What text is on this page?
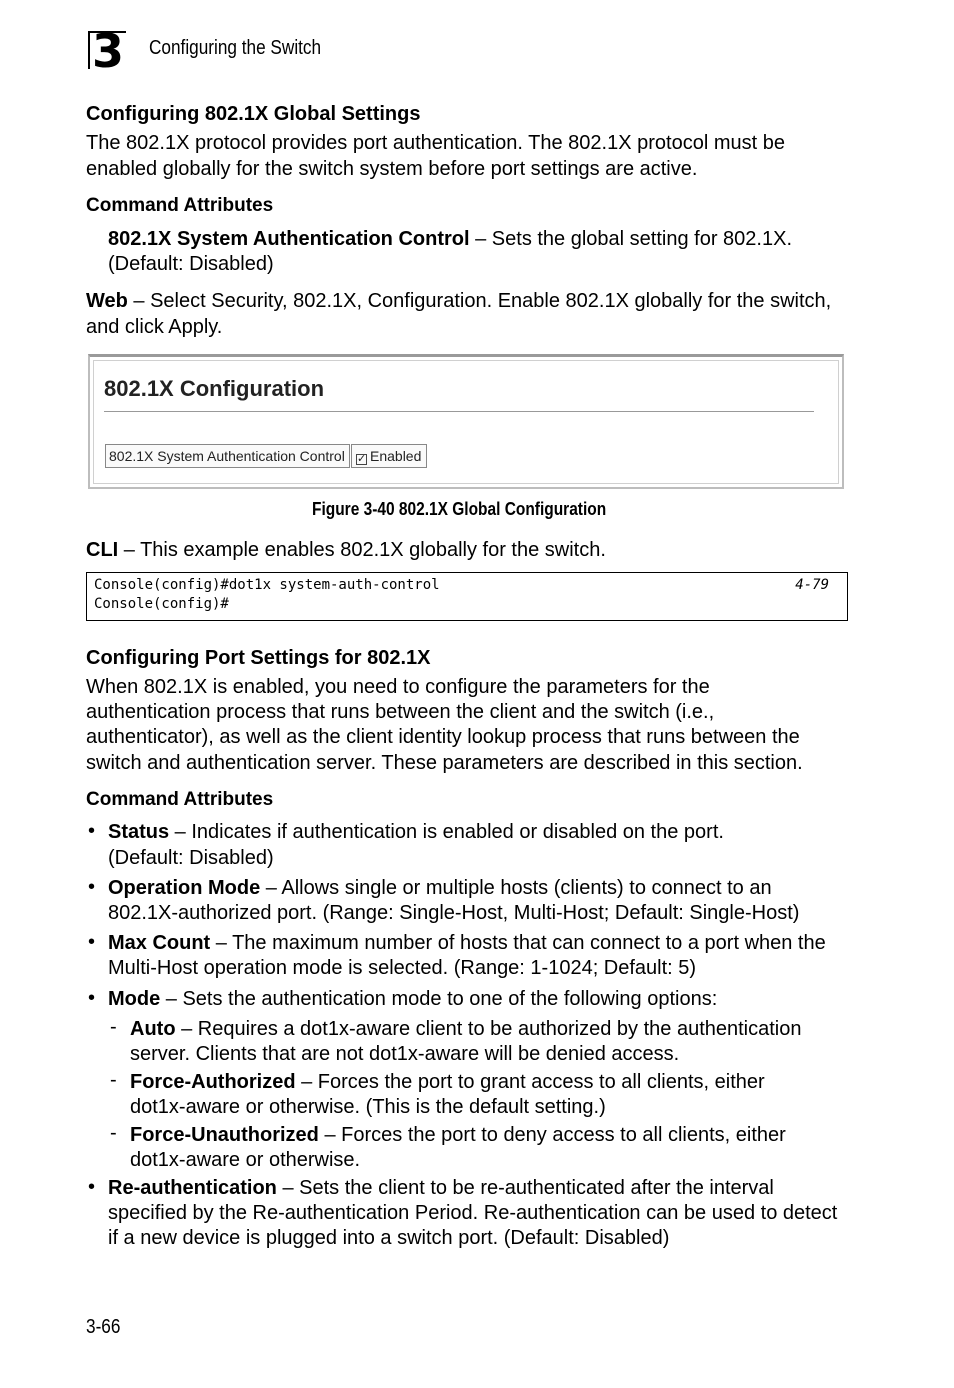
3 Configuring the Switch
Configuring 802.1X Global Settings
The 802.1X protocol provides port authentication. The 802.1X protocol must be
enabled globally for the switch system before port settings are active.
Command Attributes
802.1X System Authentication Control – Sets the global setting for 802.1X.
(Default: Disabled)
Web – Select Security, 802.1X, Configuration. Enable 802.1X globally for the switch,
and click Apply.
802.1X Configuration
802.1X System Authentication Control	✓ Enabled
Figure 3-40 802.1X Global Configuration
CLI – This example enables 802.1X globally for the switch.
Console(config)#dot1x system-auth-control
Console(config)#
4-79
Configuring Port Settings for 802.1X
When 802.1X is enabled, you need to configure the parameters for the
authentication process that runs between the client and the switch (i.e.,
authenticator), as well as the client identity lookup process that runs between the
switch and authentication server. These parameters are described in this section.
Command Attributes
• Status – Indicates if authentication is enabled or disabled on the port.
(Default: Disabled)
• Operation Mode – Allows single or multiple hosts (clients) to connect to an
802.1X-authorized port. (Range: Single-Host, Multi-Host; Default: Single-Host)
• Max Count – The maximum number of hosts that can connect to a port when the
Multi-Host operation mode is selected. (Range: 1-1024; Default: 5)
• Mode – Sets the authentication mode to one of the following options:
- Auto – Requires a dot1x-aware client to be authorized by the authentication
server. Clients that are not dot1x-aware will be denied access.
- Force-Authorized – Forces the port to grant access to all clients, either
dot1x-aware or otherwise. (This is the default setting.)
- Force-Unauthorized – Forces the port to deny access to all clients, either
dot1x-aware or otherwise.
• Re-authentication – Sets the client to be re-authenticated after the interval
specified by the Re-authentication Period. Re-authentication can be used to detect
if a new device is plugged into a switch port. (Default: Disabled)
3-66
